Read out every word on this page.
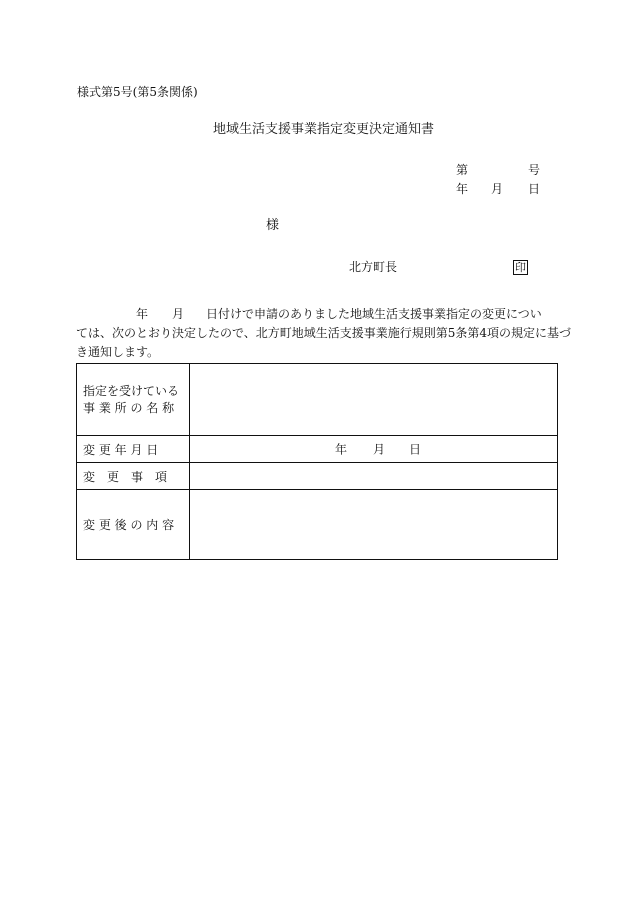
様式第5号(第5条関係)
地域生活支援事業指定変更決定通知書
第	号
年 月 日
様
北方町長	印
年 月 日付けで申請のありました地域生活支援事業指定の変更につい
ては、次のとおり決定したので、北方町地域生活支援事業施行規則第5条第4項の規定に基づ
き通知します。
指定を受けている
事 業 所 の 名 称	

変 更 年 月 日	年 月 日

変　更　事　項	
変 更 後 の 内 容	
